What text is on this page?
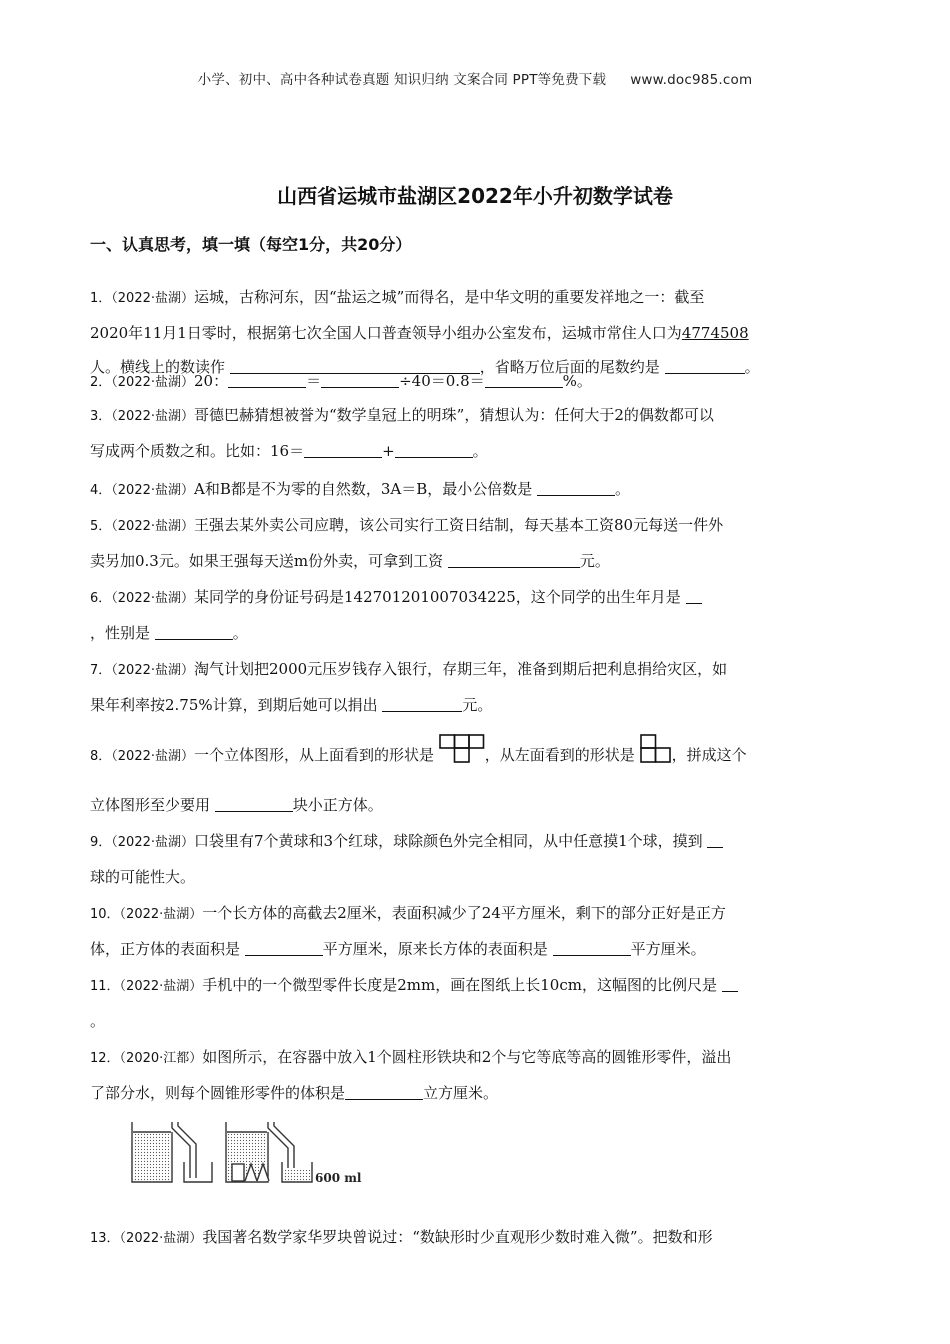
小学、初中、高中各种试卷真题 知识归纳 文案合同 PPT等免费下载 www.doc985.com
山西省运城市盐湖区2022年小升初数学试卷
一、认真思考，填一填（每空1分，共20分）
1．（2022·盐湖）运城，古称河东，因“盐运之城”而得名，是中华文明的重要发祥地之一：截至
2020年11月1日零时，根据第七次全国人口普查领导小组办公室发布，运城市常住人口为4774508
人。横线上的数读作	，省略万位后面的尾数约是	。
2．（2022·盐湖）20：	＝	÷40＝0.8＝	%。
3．（2022·盐湖）哥德巴赫猜想被誉为“数学皇冠上的明珠”，猜想认为：任何大于2的偶数都可以
写成两个质数之和。比如：16＝	+	。
4．（2022·盐湖）A和B都是不为零的自然数，3A＝B，最小公倍数是	。
5．（2022·盐湖）王强去某外卖公司应聘，该公司实行工资日结制，每天基本工资80元每送一件外
卖另加0.3元。如果王强每天送m份外卖，可拿到工资	元。
6．（2022·盐湖）某同学的身份证号码是142701201007034225，这个同学的出生年月是
，性别是	。
7．（2022·盐湖）淘气计划把2000元压岁钱存入银行，存期三年，准备到期后把利息捐给灾区，如
果年利率按2.75%计算，到期后她可以捐出	元。
8．（2022·盐湖）一个立体图形，从上面看到的形状是	，从左面看到的形状是 ，拼成这个
立体图形至少要用	块小正方体。
9．（2022·盐湖）口袋里有7个黄球和3个红球，球除颜色外完全相同，从中任意摸1个球，摸到
球的可能性大。
10．（2022·盐湖）一个长方体的高截去2厘米，表面积减少了24平方厘米，剩下的部分正好是正方
体，正方体的表面积是	平方厘米，原来长方体的表面积是	平方厘米。
11．（2022·盐湖）手机中的一个微型零件长度是2mm，画在图纸上长10cm，这幅图的比例尺是
。
12．（2020·江都）如图所示，在容器中放入1个圆柱形铁块和2个与它等底等高的圆锥形零件，溢出
了部分水，则每个圆锥形零件的体积是	立方厘米。
600 ml
13．（2022·盐湖）我国著名数学家华罗块曾说过：“数缺形时少直观形少数时难入微”。把数和形
